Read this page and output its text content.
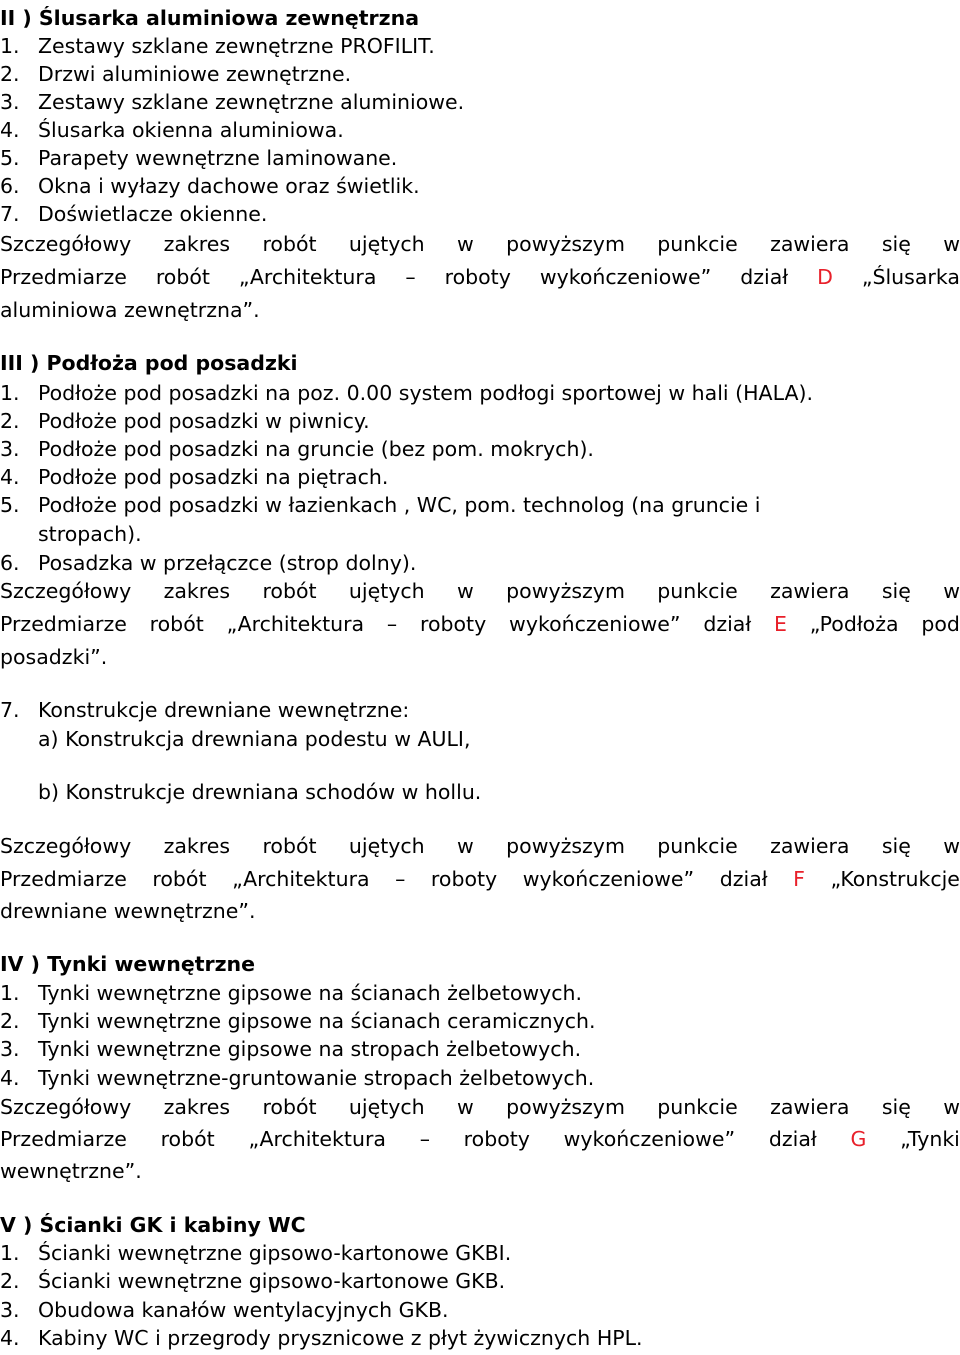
II ) Ślusarka aluminiowa zewnętrzna
1. Zestawy szklane zewnętrzne PROFILIT.
2. Drzwi aluminiowe zewnętrzne.
3. Zestawy szklane zewnętrzne aluminiowe.
4. Ślusarka okienna aluminiowa.
5. Parapety wewnętrzne laminowane.
6. Okna i wyłazy dachowe oraz świetlik.
7. Doświetlacze okienne.
Szczegółowy zakres robót ujętych w powyższym punkcie zawiera się w
Przedmiarze robót „Architektura – roboty wykończeniowe” dział D „Ślusarka
aluminiowa zewnętrzna”.
III ) Podłoża pod posadzki
1. Podłoże pod posadzki na poz. 0.00 system podłogi sportowej w hali (HALA).
2. Podłoże pod posadzki w piwnicy.
3. Podłoże pod posadzki na gruncie (bez pom. mokrych).
4. Podłoże pod posadzki na piętrach.
5. Podłoże pod posadzki w łazienkach , WC, pom. technolog (na gruncie i
stropach).
6. Posadzka w przełączce (strop dolny).
Szczegółowy zakres robót ujętych w powyższym punkcie zawiera się w
Przedmiarze robót „Architektura – roboty wykończeniowe” dział E „Podłoża pod
posadzki”.
7. Konstrukcje drewniane wewnętrzne:
a) Konstrukcja drewniana podestu w AULI,
b) Konstrukcje drewniana schodów w hollu.
Szczegółowy zakres robót ujętych w powyższym punkcie zawiera się w
Przedmiarze robót „Architektura – roboty wykończeniowe” dział F „Konstrukcje
drewniane wewnętrzne”.
IV ) Tynki wewnętrzne
1. Tynki wewnętrzne gipsowe na ścianach żelbetowych.
2. Tynki wewnętrzne gipsowe na ścianach ceramicznych.
3. Tynki wewnętrzne gipsowe na stropach żelbetowych.
4. Tynki wewnętrzne-gruntowanie stropach żelbetowych.
Szczegółowy zakres robót ujętych w powyższym punkcie zawiera się w
Przedmiarze robót „Architektura – roboty wykończeniowe” dział G „Tynki
wewnętrzne”.
V ) Ścianki GK i kabiny WC
1. Ścianki wewnętrzne gipsowo-kartonowe GKBI.
2. Ścianki wewnętrzne gipsowo-kartonowe GKB.
3. Obudowa kanałów wentylacyjnych GKB.
4. Kabiny WC i przegrody prysznicowe z płyt żywicznych HPL.
